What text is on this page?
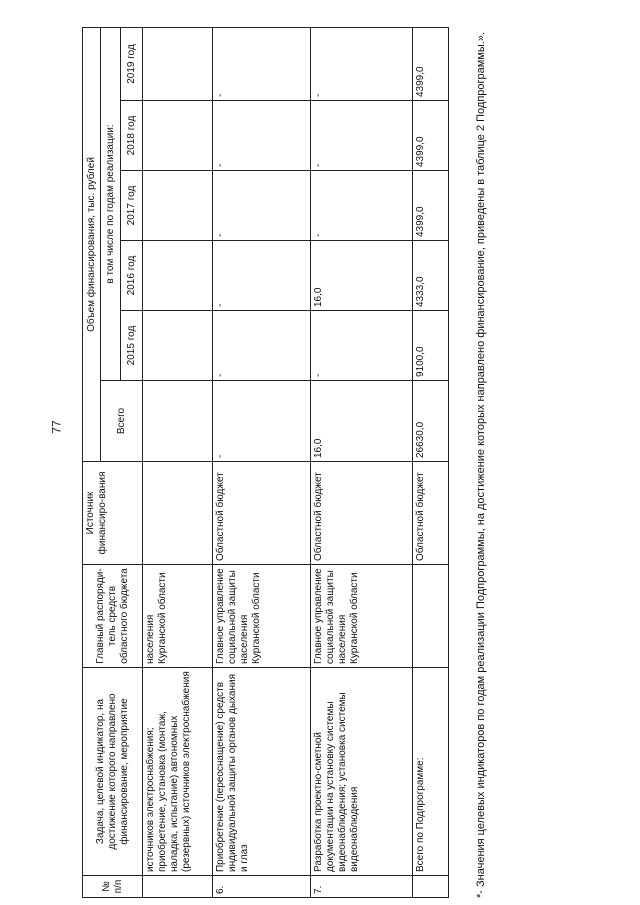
77
№ п/п	Задача, целевой индикатор, на достижение которого направлено финансирование, мероприятие	Главный распоряди-тель средств областного бюджета	Источник финансиро-вания	Объем финансирования, тыс. рублей					
				Всего	в том числе по годам реализации:				
					2015 год	2016 год	2017 год	2018 год	2019 год
	источников электроснабжения; приобретение, установка (монтаж, наладка, испытание) автономных (резервных) источников электроснабжения	населения Курганской области							
6.	Приобретение (переоснащение) средств индивидуальной защиты органов дыхания и глаз	Главное управление социальной защиты населения Курганской области	Областной бюджет	-	-	-	-	-	-
7.	Разработка проектно-сметной документации на установку системы видеонаблюдения; установка системы видеонаблюдения	Главное управление социальной защиты населения Курганской области	Областной бюджет	16,0	-	16,0	-	-	-
	Всего по Подпрограмме:		Областной бюджет	26630,0	9100,0	4333,0	4399,0	4399,0	4399,0	*- Значения целевых индикаторов по годам реализации Подпрограммы, на достижение которых направлено финансирование, приведены в таблице 2 Подпрограммы.».
